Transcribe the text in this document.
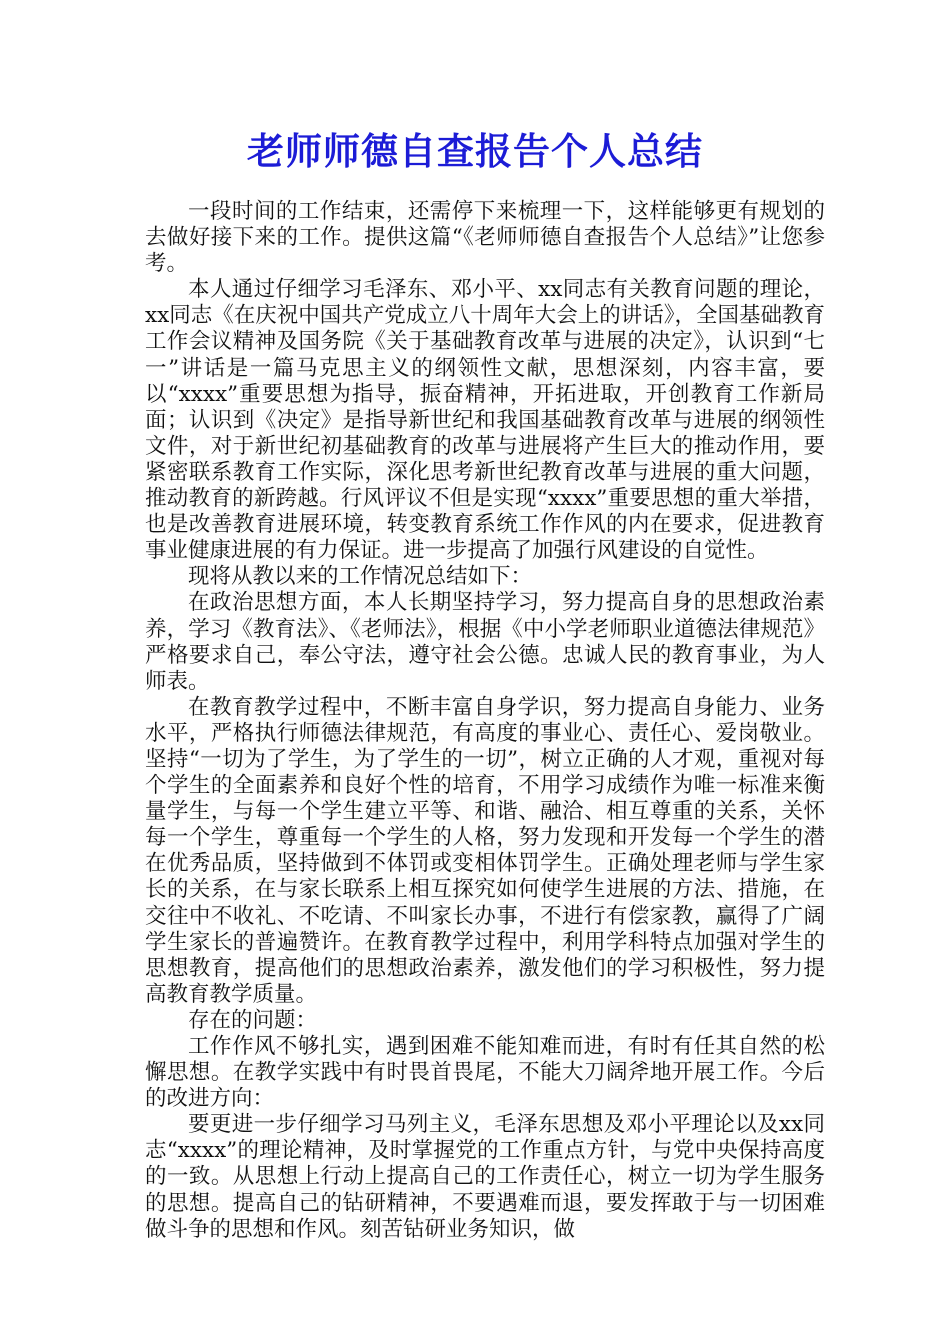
老师师德自查报告个人总结

一段时间的工作结束，还需停下来梳理一下，这样能够更有规划的去做好接下来的工作。提供这篇“《老师师德自查报告个人总结》”让您参考。

本人通过仔细学习毛泽东、邓小平、xx同志有关教育问题的理论，xx同志《在庆祝中国共产党成立八十周年大会上的讲话》，全国基础教育工作会议精神及国务院《关于基础教育改革与进展的决定》，认识到“七一”讲话是一篇马克思主义的纲领性文献，思想深刻，内容丰富，要以“xxxx”重要思想为指导，振奋精神，开拓进取，开创教育工作新局面；认识到《决定》是指导新世纪和我国基础教育改革与进展的纲领性文件，对于新世纪初基础教育的改革与进展将产生巨大的推动作用，要紧密联系教育工作实际，深化思考新世纪教育改革与进展的重大问题，推动教育的新跨越。行风评议不但是实现“xxxx”重要思想的重大举措，也是改善教育进展环境，转变教育系统工作作风的内在要求，促进教育事业健康进展的有力保证。进一步提高了加强行风建设的自觉性。

现将从教以来的工作情况总结如下：

在政治思想方面，本人长期坚持学习，努力提高自身的思想政治素养，学习《教育法》、《老师法》，根据《中小学老师职业道德法律规范》严格要求自己，奉公守法，遵守社会公德。忠诚人民的教育事业，为人师表。

在教育教学过程中，不断丰富自身学识，努力提高自身能力、业务水平，严格执行师德法律规范，有高度的事业心、责任心、爱岗敬业。坚持“一切为了学生，为了学生的一切”，树立正确的人才观，重视对每个学生的全面素养和良好个性的培育，不用学习成绩作为唯一标准来衡量学生，与每一个学生建立平等、和谐、融洽、相互尊重的关系，关怀每一个学生，尊重每一个学生的人格，努力发现和开发每一个学生的潜在优秀品质，坚持做到不体罚或变相体罚学生。正确处理老师与学生家长的关系，在与家长联系上相互探究如何使学生进展的方法、措施，在交往中不收礼、不吃请、不叫家长办事，不进行有偿家教，赢得了广阔学生家长的普遍赞许。在教育教学过程中，利用学科特点加强对学生的思想教育，提高他们的思想政治素养，激发他们的学习积极性，努力提高教育教学质量。

存在的问题：

工作作风不够扎实，遇到困难不能知难而进，有时有任其自然的松懈思想。在教学实践中有时畏首畏尾，不能大刀阔斧地开展工作。今后的改进方向：

要更进一步仔细学习马列主义，毛泽东思想及邓小平理论以及xx同志“xxxx”的理论精神，及时掌握党的工作重点方针，与党中央保持高度的一致。从思想上行动上提高自己的工作责任心，树立一切为学生服务的思想。提高自己的钻研精神，不要遇难而退，要发挥敢于与一切困难做斗争的思想和作风。刻苦钻研业务知识，做
